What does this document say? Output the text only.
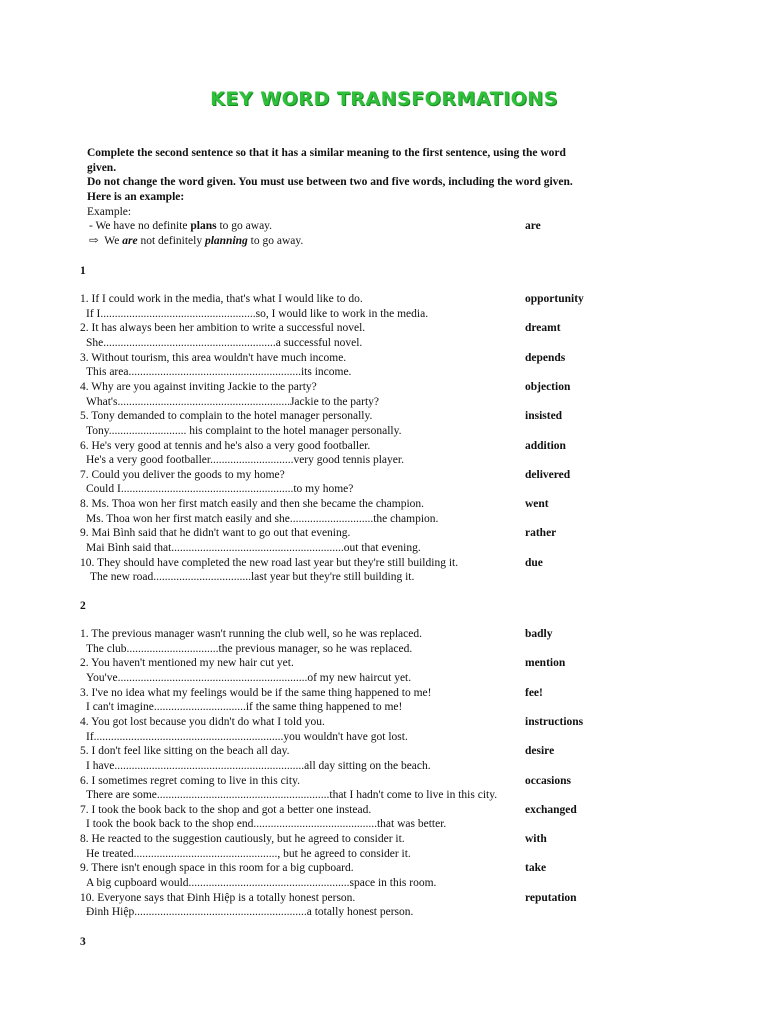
KEY WORD TRANSFORMATIONS
Complete the second sentence so that it has a similar meaning to the first sentence, using the word
given.
Do not change the word given. You must use between two and five words, including the word given.
Here is an example:
Example:
- We have no definite plans to go away.	are
⇨ We are not definitely planning to go away.
1
1. If I could work in the media, that's what I would like to do.	opportunity
If I......................................................so, I would like to work in the media.
2. It has always been her ambition to write a successful novel.	dreamt
She............................................................a successful novel.
3. Without tourism, this area wouldn't have much income.	depends
This area............................................................its income.
4. Why are you against inviting Jackie to the party?	objection
What's............................................................Jackie to the party?
5. Tony demanded to complain to the hotel manager personally.	insisted
Tony........................... his complaint to the hotel manager personally.
6. He's very good at tennis and he's also a very good footballer.	addition
He's a very good footballer.............................very good tennis player.
7. Could you deliver the goods to my home?	delivered
Could I............................................................to my home?
8. Ms. Thoa won her first match easily and then she became the champion.	went
Ms. Thoa won her first match easily and she.............................the champion.
9. Mai Bình said that he didn't want to go out that evening.	rather
Mai Bình said that............................................................out that evening.
10. They should have completed the new road last year but they're still building it.	due
The new road..................................last year but they're still building it.
2
1. The previous manager wasn't running the club well, so he was replaced.	badly
The club................................the previous manager, so he was replaced.
2. You haven't mentioned my new hair cut yet.	mention
You've..................................................................of my new haircut yet.
3. I've no idea what my feelings would be if the same thing happened to me!	fee!
I can't imagine................................if the same thing happened to me!
4. You got lost because you didn't do what I told you.	instructions
If..................................................................you wouldn't have got lost.
5. I don't feel like sitting on the beach all day.	desire
I have..................................................................all day sitting on the beach.
6. I sometimes regret coming to live in this city.	occasions
There are some............................................................that I hadn't come to live in this city.
7. I took the book back to the shop and got a better one instead.	exchanged
I took the book back to the shop end...........................................that was better.
8. He reacted to the suggestion cautiously, but he agreed to consider it.	with
He treated.................................................., but he agreed to consider it.
9. There isn't enough space in this room for a big cupboard.	take
A big cupboard would........................................................space in this room.
10. Everyone says that Đinh Hiệp is a totally honest person.	reputation
Đinh Hiệp............................................................a totally honest person.
3
